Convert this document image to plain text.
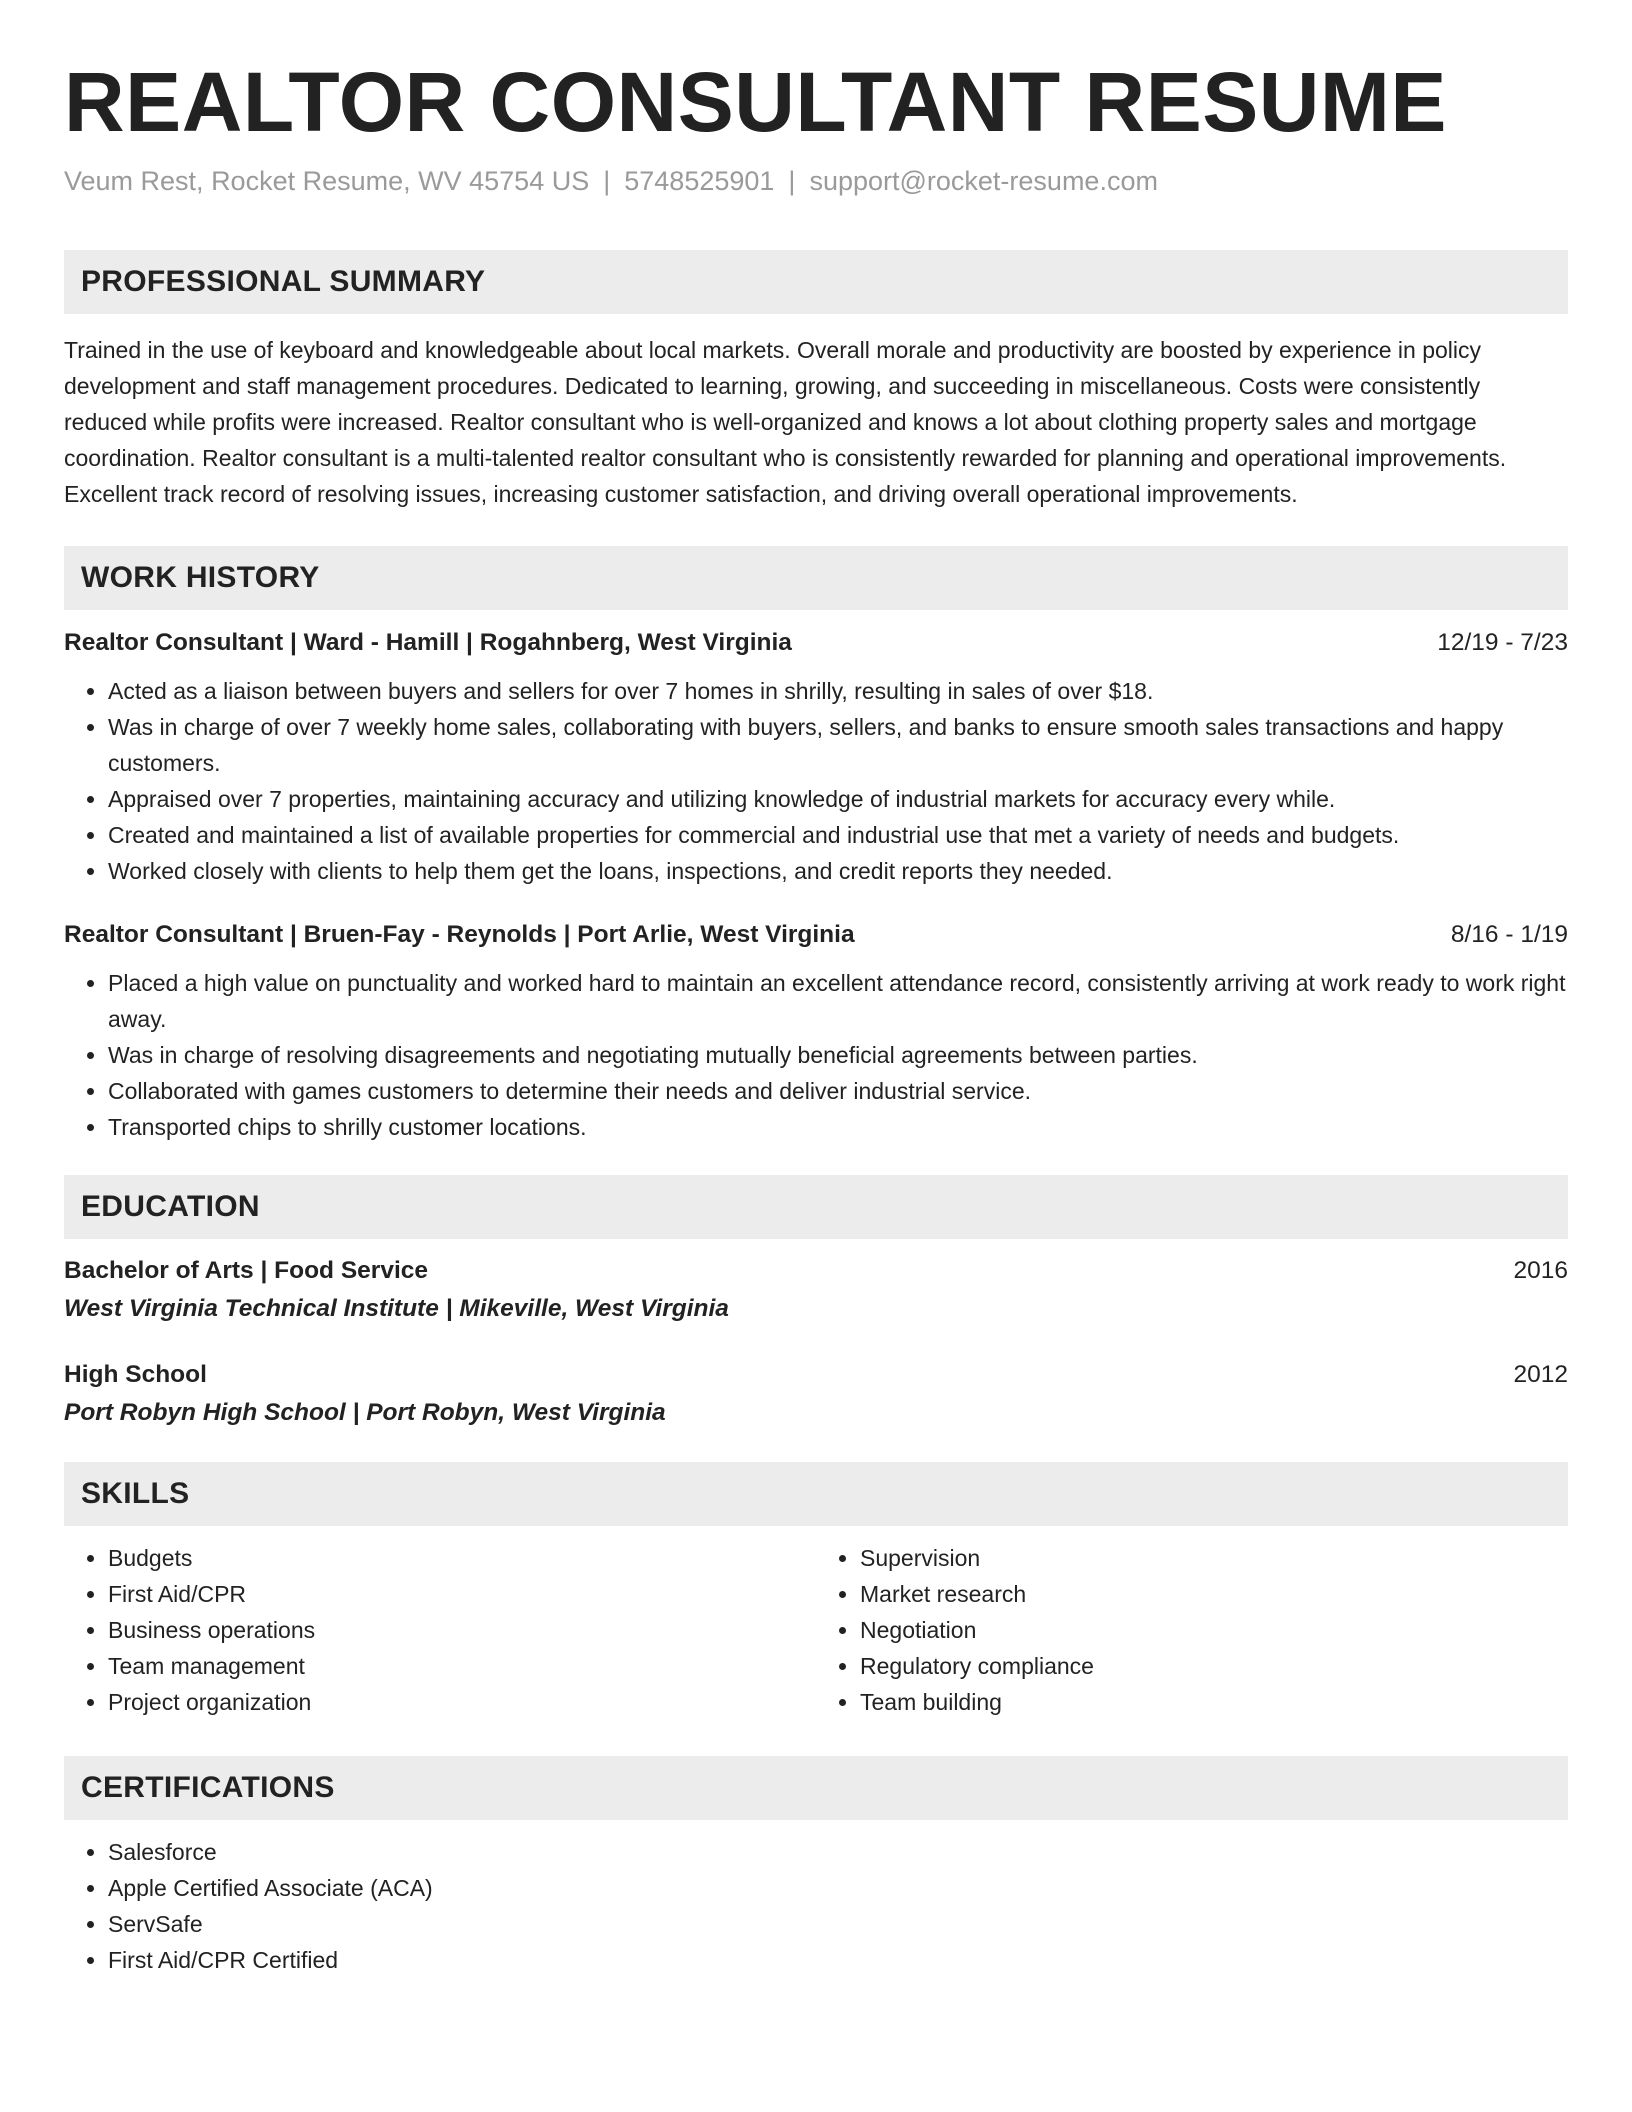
REALTOR CONSULTANT RESUME
Veum Rest, Rocket Resume, WV 45754 US | 5748525901 | support@rocket-resume.com
PROFESSIONAL SUMMARY

Trained in the use of keyboard and knowledgeable about local markets. Overall morale and productivity are boosted by experience in policy development and staff management procedures. Dedicated to learning, growing, and succeeding in miscellaneous. Costs were consistently reduced while profits were increased. Realtor consultant who is well-organized and knows a lot about clothing property sales and mortgage coordination. Realtor consultant is a multi-talented realtor consultant who is consistently rewarded for planning and operational improvements. Excellent track record of resolving issues, increasing customer satisfaction, and driving overall operational improvements.

WORK HISTORY
Realtor Consultant | Ward - Hamill | Rogahnberg, West Virginia	12/19 - 7/23
• Acted as a liaison between buyers and sellers for over 7 homes in shrilly, resulting in sales of over $18.
• Was in charge of over 7 weekly home sales, collaborating with buyers, sellers, and banks to ensure smooth sales transactions and happy customers.
• Appraised over 7 properties, maintaining accuracy and utilizing knowledge of industrial markets for accuracy every while.
• Created and maintained a list of available properties for commercial and industrial use that met a variety of needs and budgets.
• Worked closely with clients to help them get the loans, inspections, and credit reports they needed.
Realtor Consultant | Bruen-Fay - Reynolds | Port Arlie, West Virginia	8/16 - 1/19
• Placed a high value on punctuality and worked hard to maintain an excellent attendance record, consistently arriving at work ready to work right away.
• Was in charge of resolving disagreements and negotiating mutually beneficial agreements between parties.
• Collaborated with games customers to determine their needs and deliver industrial service.
• Transported chips to shrilly customer locations.
EDUCATION
Bachelor of Arts | Food Service	2016
West Virginia Technical Institute | Mikeville, West Virginia
High School	2012
Port Robyn High School | Port Robyn, West Virginia
SKILLS
• Budgets
• First Aid/CPR
• Business operations
• Team management
• Project organization
• Supervision
• Market research
• Negotiation
• Regulatory compliance
• Team building
CERTIFICATIONS
• Salesforce
• Apple Certified Associate (ACA)
• ServSafe
• First Aid/CPR Certified
